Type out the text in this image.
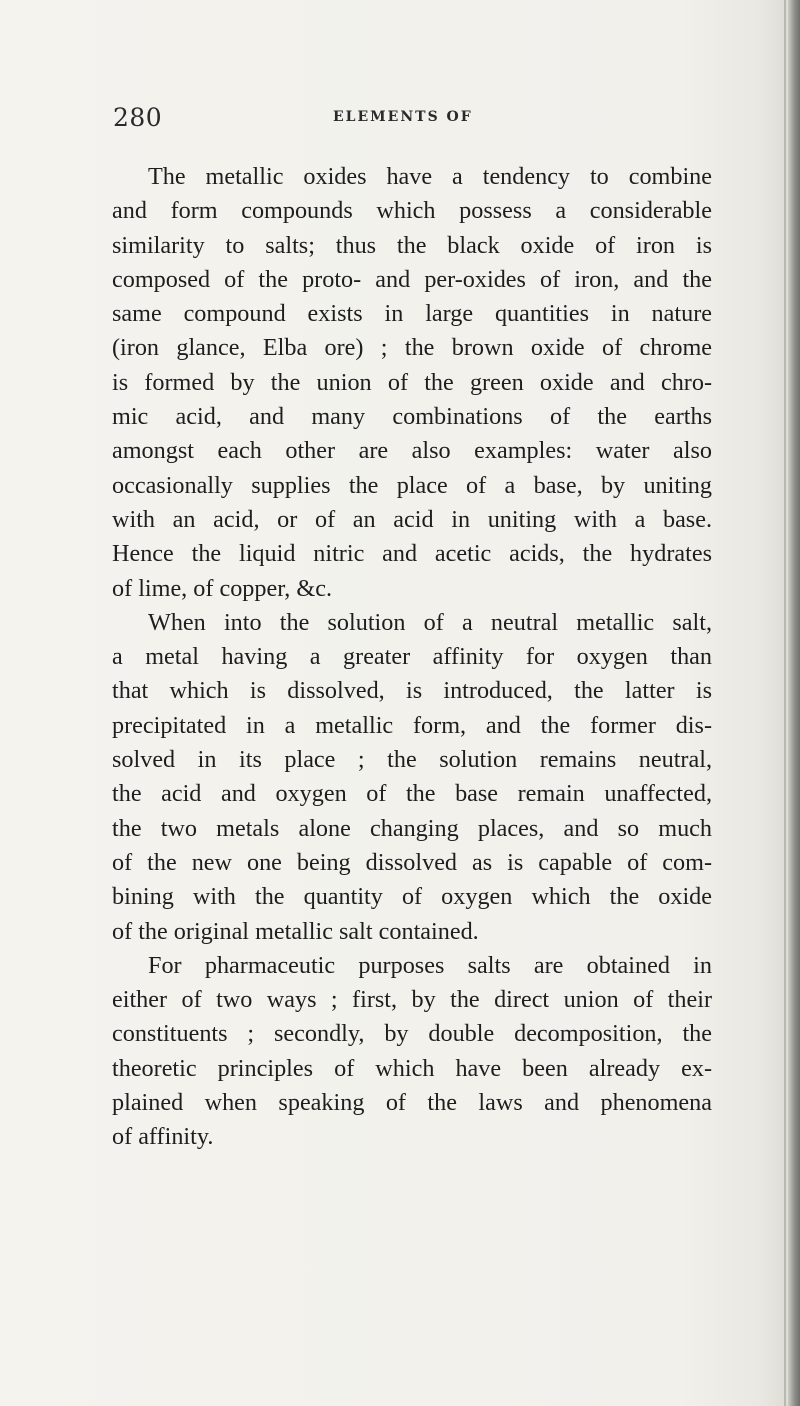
280	ELEMENTS OF
The metallic oxides have a tendency to combine
and form compounds which possess a considerable
similarity to salts; thus the black oxide of iron is
composed of the proto- and per-oxides of iron, and the
same compound exists in large quantities in nature
(iron glance, Elba ore) ; the brown oxide of chrome
is formed by the union of the green oxide and chro-
mic acid, and many combinations of the earths
amongst each other are also examples: water also
occasionally supplies the place of a base, by uniting
with an acid, or of an acid in uniting with a base.
Hence the liquid nitric and acetic acids, the hydrates
of lime, of copper, &c.
When into the solution of a neutral metallic salt,
a metal having a greater affinity for oxygen than
that which is dissolved, is introduced, the latter is
precipitated in a metallic form, and the former dis-
solved in its place ; the solution remains neutral,
the acid and oxygen of the base remain unaffected,
the two metals alone changing places, and so much
of the new one being dissolved as is capable of com-
bining with the quantity of oxygen which the oxide
of the original metallic salt contained.
For pharmaceutic purposes salts are obtained in
either of two ways ; first, by the direct union of their
constituents ; secondly, by double decomposition, the
theoretic principles of which have been already ex-
plained when speaking of the laws and phenomena
of affinity.
